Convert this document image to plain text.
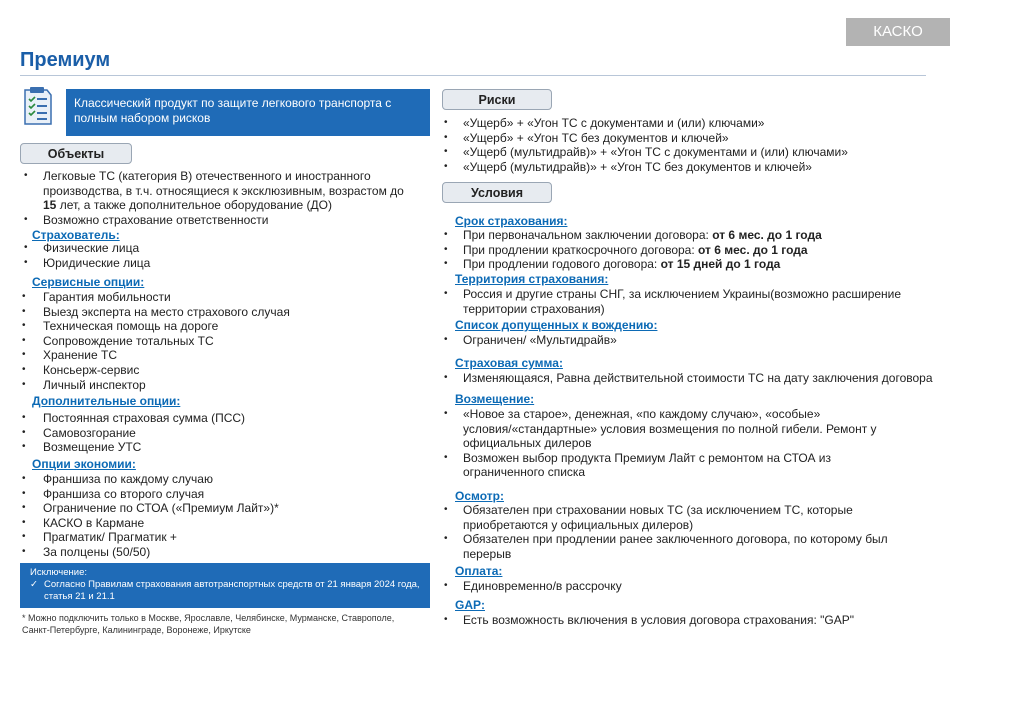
КАСКО
Премиум
Классический продукт по защите легкового транспорта с полным набором рисков
Объекты
• Легковые ТС (категория В) отечественного и иностранного производства, в т.ч. относящиеся к эксклюзивным, возрастом до 15 лет, а также дополнительное оборудование (ДО)
• Возможно страхование ответственности
Страхователь:
• Физические лица
• Юридические лица
Сервисные опции:
• Гарантия мобильности
• Выезд эксперта на место страхового случая
• Техническая помощь на дороге
• Сопровождение тотальных ТС
• Хранение ТС
• Консьерж-сервис
• Личный инспектор
Дополнительные опции:
• Постоянная страховая сумма (ПСС)
• Самовозгорание
• Возмещение УТС
Опции экономии:
• Франшиза по каждому случаю
• Франшиза со второго случая
• Ограничение по СТОА («Премиум Лайт»)*
• КАСКО в Кармане
• Прагматик/ Прагматик +
• За полцены (50/50)
Исключение:
✓ Согласно Правилам страхования автотранспортных средств от 21 января 2024 года, статья 21 и 21.1
* Можно подключить только в Москве, Ярославле, Челябинске, Мурманске, Ставрополе, Санкт-Петербурге, Калининграде, Воронеже, Иркутске
Риски
• «Ущерб» + «Угон ТС с документами и (или) ключами»
• «Ущерб» + «Угон ТС без документов и ключей»
• «Ущерб (мультидрайв)» + «Угон ТС с документами и (или) ключами»
• «Ущерб (мультидрайв)» + «Угон ТС без документов и ключей»
Условия
Срок страхования:
• При первоначальном заключении договора: от 6 мес. до 1 года
• При продлении краткосрочного договора: от 6 мес. до 1 года
• При продлении годового договора: от 15 дней до 1 года
Территория страхования:
• Россия и другие страны СНГ, за исключением Украины(возможно расширение территории страхования)
Список допущенных к вождению:
• Ограничен/ «Мультидрайв»
Страховая сумма:
• Изменяющаяся, Равна действительной стоимости ТС на дату заключения договора
Возмещение:
• «Новое за старое», денежная, «по каждому случаю», «особые» условия/«стандартные» условия возмещения по полной гибели. Ремонт у официальных дилеров
• Возможен выбор продукта Премиум Лайт с ремонтом на СТОА из ограниченного списка
Осмотр:
• Обязателен при страховании новых ТС (за исключением ТС, которые приобретаются у официальных дилеров)
• Обязателен при продлении ранее заключенного договора, по которому был перерыв
Оплата:
• Единовременно/в рассрочку
GAP:
• Есть возможность включения в условия договора страхования: "GAP"
